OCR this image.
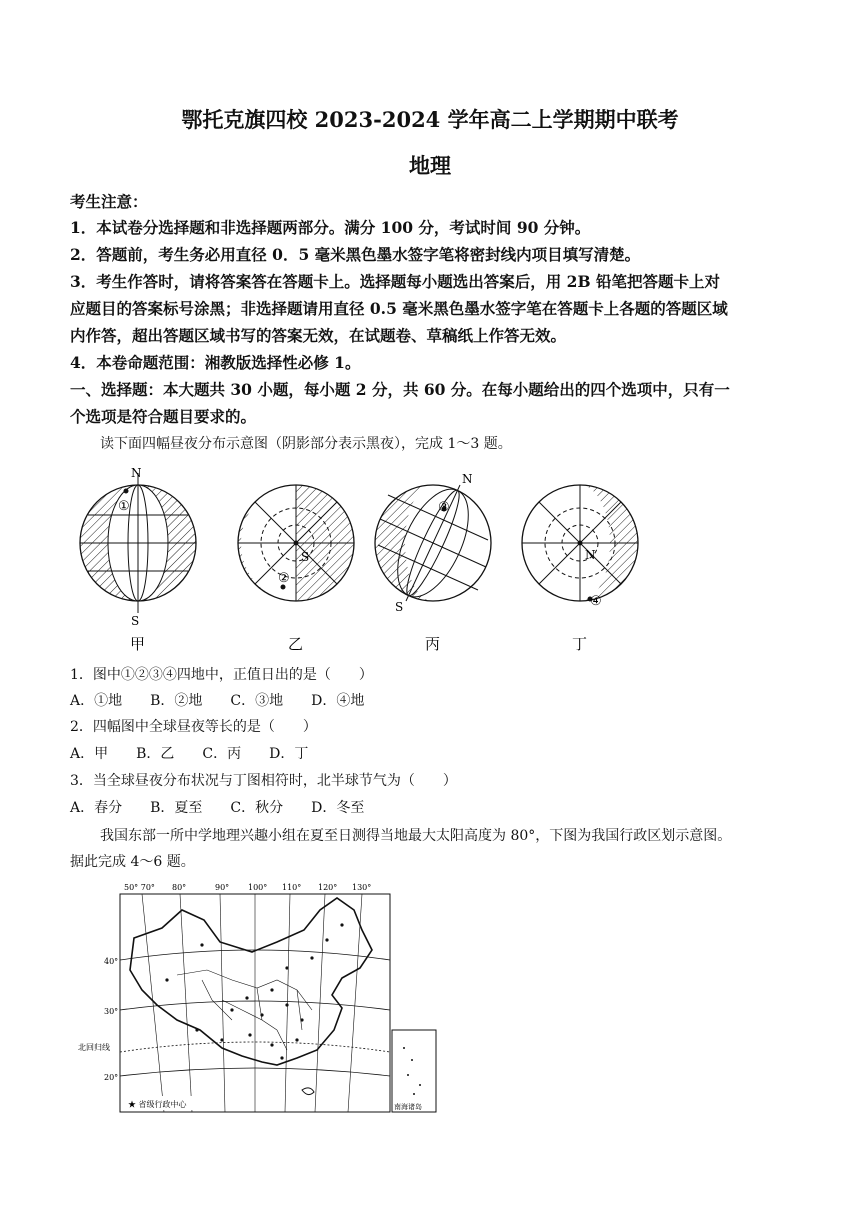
鄂托克旗四校 2023-2024 学年高二上学期期中联考
地理
考生注意：
1．本试卷分选择题和非选择题两部分。满分 100 分，考试时间 90 分钟。
2．答题前，考生务必用直径 0．5 毫米黑色墨水签字笔将密封线内项目填写清楚。
3．考生作答时，请将答案答在答题卡上。选择题每小题选出答案后，用 2B 铅笔把答题卡上对
应题目的答案标号涂黑；非选择题请用直径 0.5 毫米黑色墨水签字笔在答题卡上各题的答题区域
内作答，超出答题区域书写的答案无效，在试题卷、草稿纸上作答无效。
4．本卷命题范围：湘教版选择性必修 1。
一、选择题：本大题共 30 小题，每小题 2 分，共 60 分。在每小题给出的四个选项中，只有一
个选项是符合题目要求的。
读下面四幅昼夜分布示意图（阴影部分表示黑夜），完成 1～3 题。
N
S
①
S
②
N
S
③
N
④
甲	乙	丙	丁
1．图中①②③④四地中，正值日出的是（　　）
A．①地　　B．②地　　C．③地　　D．④地
2．四幅图中全球昼夜等长的是（　　）
A．甲　　B．乙　　C．丙　　D．丁
3．当全球昼夜分布状况与丁图相符时，北半球节气为（　　）
A．春分　　B．夏至　　C．秋分　　D．冬至
我国东部一所中学地理兴趣小组在夏至日测得当地最大太阳高度为 80°，下图为我国行政区划示意图。
据此完成 4～6 题。
50° 70° 80°	90° 100° 110° 120° 130°
40°
30°
20°
北回归线
★ 省级行政中心	南海诸岛
